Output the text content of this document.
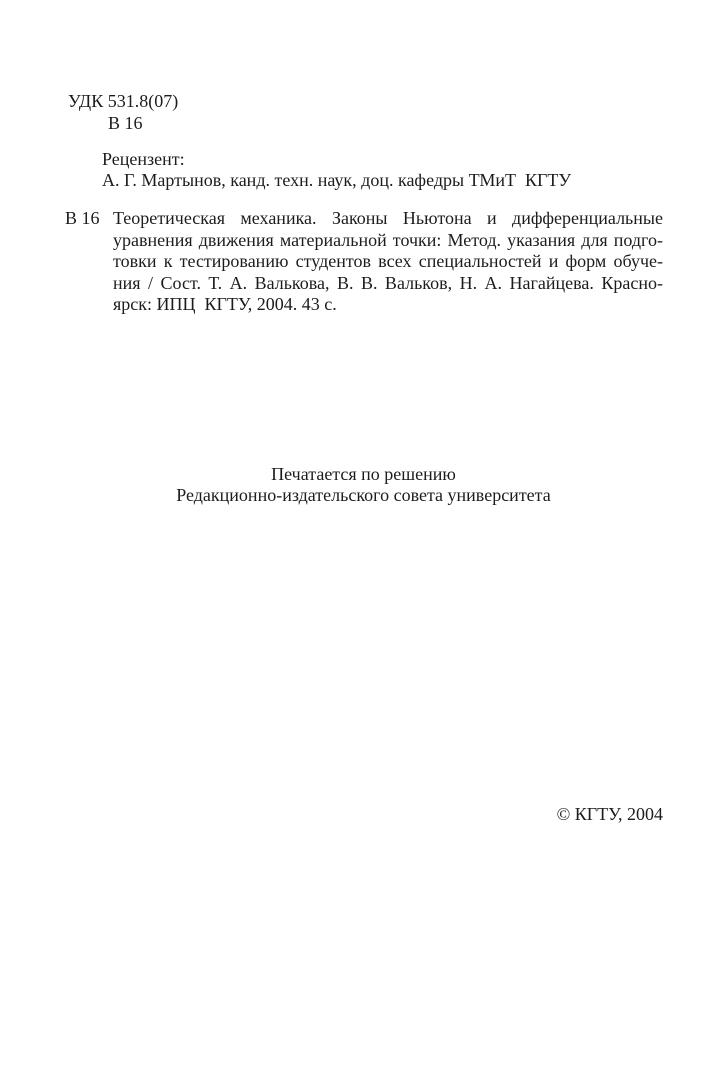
УДК 531.8(07)
В 16
Рецензент:
А. Г. Мартынов, канд. техн. наук, доц. кафедры ТМиТ  КГТУ
В 16 Теоретическая механика. Законы Ньютона и дифференциальные
уравнения движения материальной точки: Метод. указания для подго-
товки к тестированию студентов всех специальностей и форм обуче-
ния / Сост. Т. А. Валькова, В. В. Вальков, Н. А. Нагайцева. Красно-
ярск: ИПЦ  КГТУ, 2004. 43 с.
Печатается по решению
Редакционно-издательского совета университета
© КГТУ, 2004
